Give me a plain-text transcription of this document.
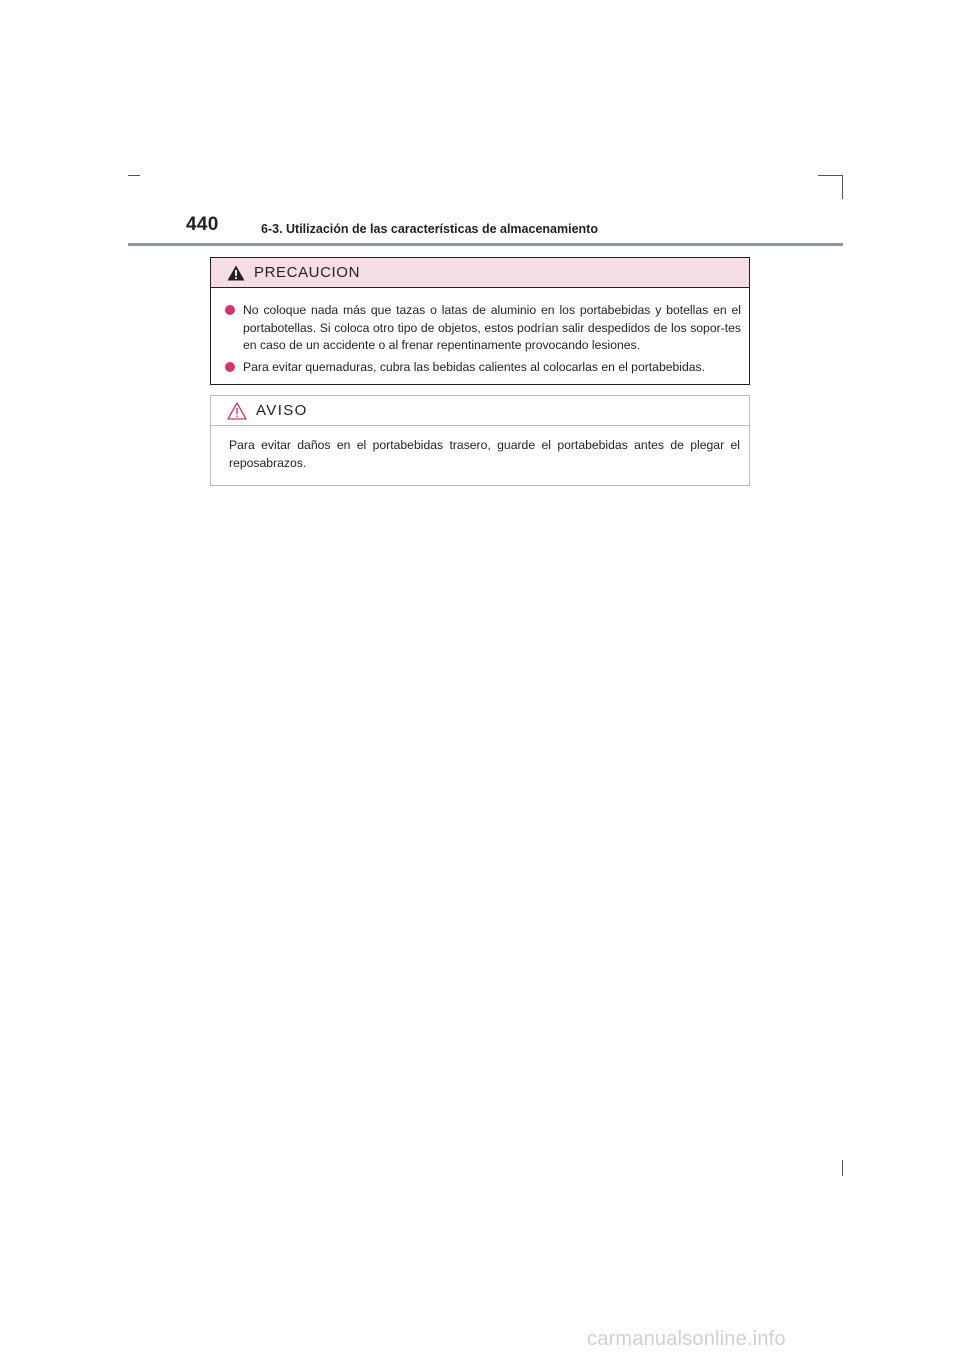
440	6-3. Utilización de las características de almacenamiento
PRECAUCION
No coloque nada más que tazas o latas de aluminio en los portabebidas y botellas en el portabotellas. Si coloca otro tipo de objetos, estos podrían salir despedidos de los sopor-tes en caso de un accidente o al frenar repentinamente provocando lesiones.
Para evitar quemaduras, cubra las bebidas calientes al colocarlas en el portabebidas.
AVISO
Para evitar daños en el portabebidas trasero, guarde el portabebidas antes de plegar el reposabrazos.
carmanualsonline.info
